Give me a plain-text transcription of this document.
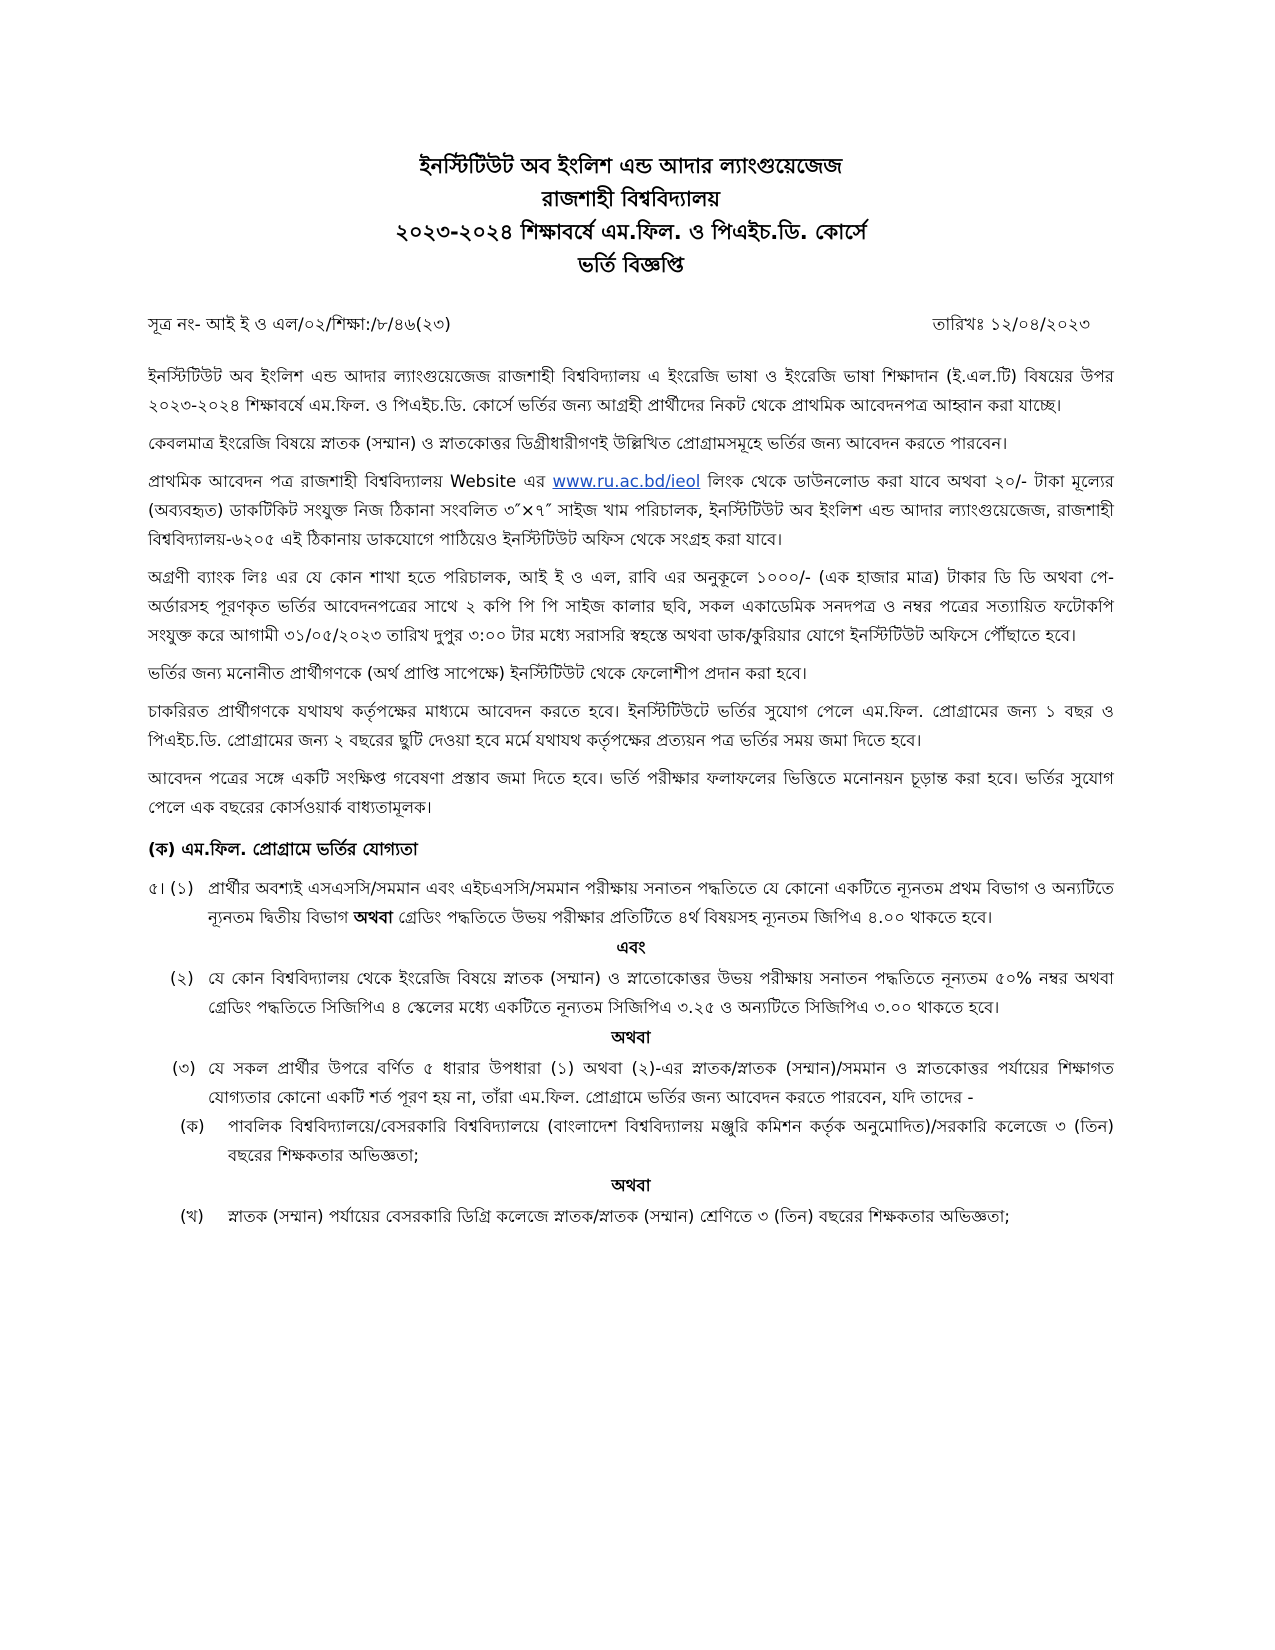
ইনস্টিটিউট অব ইংলিশ এন্ড আদার ল্যাংগুয়েজেজ
রাজশাহী বিশ্ববিদ্যালয়
২০২৩-২০২৪ শিক্ষাবর্ষে এম.ফিল. ও পিএইচ.ডি. কোর্সে
ভর্তি বিজ্ঞপ্তি
সূত্র নং- আই ই ও এল/০২/শিক্ষা:/৮/৪৬(২৩)	তারিখঃ ১২/০৪/২০২৩

ইনস্টিটিউট অব ইংলিশ এন্ড আদার ল্যাংগুয়েজেজ রাজশাহী বিশ্ববিদ্যালয় এ ইংরেজি ভাষা ও ইংরেজি ভাষা শিক্ষাদান (ই.এল.টি) বিষয়ের উপর ২০২৩-২০২৪ শিক্ষাবর্ষে এম.ফিল. ও পিএইচ.ডি. কোর্সে ভর্তির জন্য আগ্রহী প্রার্থীদের নিকট থেকে প্রাথমিক আবেদনপত্র আহ্বান করা যাচ্ছে।

কেবলমাত্র ইংরেজি বিষয়ে স্নাতক (সম্মান) ও স্নাতকোত্তর ডিগ্রীধারীগণই উল্লিখিত প্রোগ্রামসমূহে ভর্তির জন্য আবেদন করতে পারবেন।

প্রাথমিক আবেদন পত্র রাজশাহী বিশ্ববিদ্যালয় Website এর www.ru.ac.bd/ieol লিংক থেকে ডাউনলোড করা যাবে অথবা ২০/- টাকা মূল্যের (অব্যবহৃত) ডাকটিকিট সংযুক্ত নিজ ঠিকানা সংবলিত ৩″×৭″ সাইজ খাম পরিচালক, ইনস্টিটিউট অব ইংলিশ এন্ড আদার ল্যাংগুয়েজেজ, রাজশাহী বিশ্ববিদ্যালয়-৬২০৫ এই ঠিকানায় ডাকযোগে পাঠিয়েও ইনস্টিটিউট অফিস থেকে সংগ্রহ করা যাবে।

অগ্রণী ব্যাংক লিঃ এর যে কোন শাখা হতে পরিচালক, আই ই ও এল, রাবি এর অনুকূলে ১০০০/- (এক হাজার মাত্র) টাকার ডি ডি অথবা পে-অর্ডারসহ পূরণকৃত ভর্তির আবেদনপত্রের সাথে ২ কপি পি পি সাইজ কালার ছবি, সকল একাডেমিক সনদপত্র ও নম্বর পত্রের সত্যায়িত ফটোকপি সংযুক্ত করে আগামী ৩১/০৫/২০২৩ তারিখ দুপুর ৩:০০ টার মধ্যে সরাসরি স্বহস্তে অথবা ডাক/কুরিয়ার যোগে ইনস্টিটিউট অফিসে পৌঁছাতে হবে।

ভর্তির জন্য মনোনীত প্রার্থীগণকে (অর্থ প্রাপ্তি সাপেক্ষে) ইনস্টিটিউট থেকে ফেলোশীপ প্রদান করা হবে।

চাকরিরত প্রার্থীগণকে যথাযথ কর্তৃপক্ষের মাধ্যমে আবেদন করতে হবে। ইনস্টিটিউটে ভর্তির সুযোগ পেলে এম.ফিল. প্রোগ্রামের জন্য ১ বছর ও পিএইচ.ডি. প্রোগ্রামের জন্য ২ বছরের ছুটি দেওয়া হবে মর্মে যথাযথ কর্তৃপক্ষের প্রত্যয়ন পত্র ভর্তির সময় জমা দিতে হবে।

আবেদন পত্রের সঙ্গে একটি সংক্ষিপ্ত গবেষণা প্রস্তাব জমা দিতে হবে। ভর্তি পরীক্ষার ফলাফলের ভিত্তিতে মনোনয়ন চূড়ান্ত করা হবে। ভর্তির সুযোগ পেলে এক বছরের কোর্সওয়ার্ক বাধ্যতামূলক।

(ক) এম.ফিল. প্রোগ্রামে ভর্তির যোগ্যতা
৫। (১) প্রার্থীর অবশ্যই এসএসসি/সমমান এবং এইচএসসি/সমমান পরীক্ষায় সনাতন পদ্ধতিতে যে কোনো একটিতে ন্যূনতম প্রথম বিভাগ ও অন্যটিতে ন্যূনতম দ্বিতীয় বিভাগ অথবা গ্রেডিং পদ্ধতিতে উভয় পরীক্ষার প্রতিটিতে ৪র্থ বিষয়সহ ন্যূনতম জিপিএ ৪.০০ থাকতে হবে।
এবং
(২) যে কোন বিশ্ববিদ্যালয় থেকে ইংরেজি বিষয়ে স্নাতক (সম্মান) ও স্নাতোকোত্তর উভয় পরীক্ষায় সনাতন পদ্ধতিতে নূন্যতম ৫০% নম্বর অথবা গ্রেডিং পদ্ধতিতে সিজিপিএ ৪ স্কেলের মধ্যে একটিতে নূন্যতম সিজিপিএ ৩.২৫ ও অন্যটিতে সিজিপিএ ৩.০০ থাকতে হবে।
অথবা
(৩) যে সকল প্রার্থীর উপরে বর্ণিত ৫ ধারার উপধারা (১) অথবা (২)-এর স্নাতক/স্নাতক (সম্মান)/সমমান ও স্নাতকোত্তর পর্যায়ের শিক্ষাগত যোগ্যতার কোনো একটি শর্ত পূরণ হয় না, তাঁরা এম.ফিল. প্রোগ্রামে ভর্তির জন্য আবেদন করতে পারবেন, যদি তাদের -
(ক) পাবলিক বিশ্ববিদ্যালয়ে/বেসরকারি বিশ্ববিদ্যালয়ে (বাংলাদেশ বিশ্ববিদ্যালয় মঞ্জুরি কমিশন কর্তৃক অনুমোদিত)/সরকারি কলেজে ৩ (তিন) বছরের শিক্ষকতার অভিজ্ঞতা;
অথবা
(খ) স্নাতক (সম্মান) পর্যায়ের বেসরকারি ডিগ্রি কলেজে স্নাতক/স্নাতক (সম্মান) শ্রেণিতে ৩ (তিন) বছরের শিক্ষকতার অভিজ্ঞতা;
